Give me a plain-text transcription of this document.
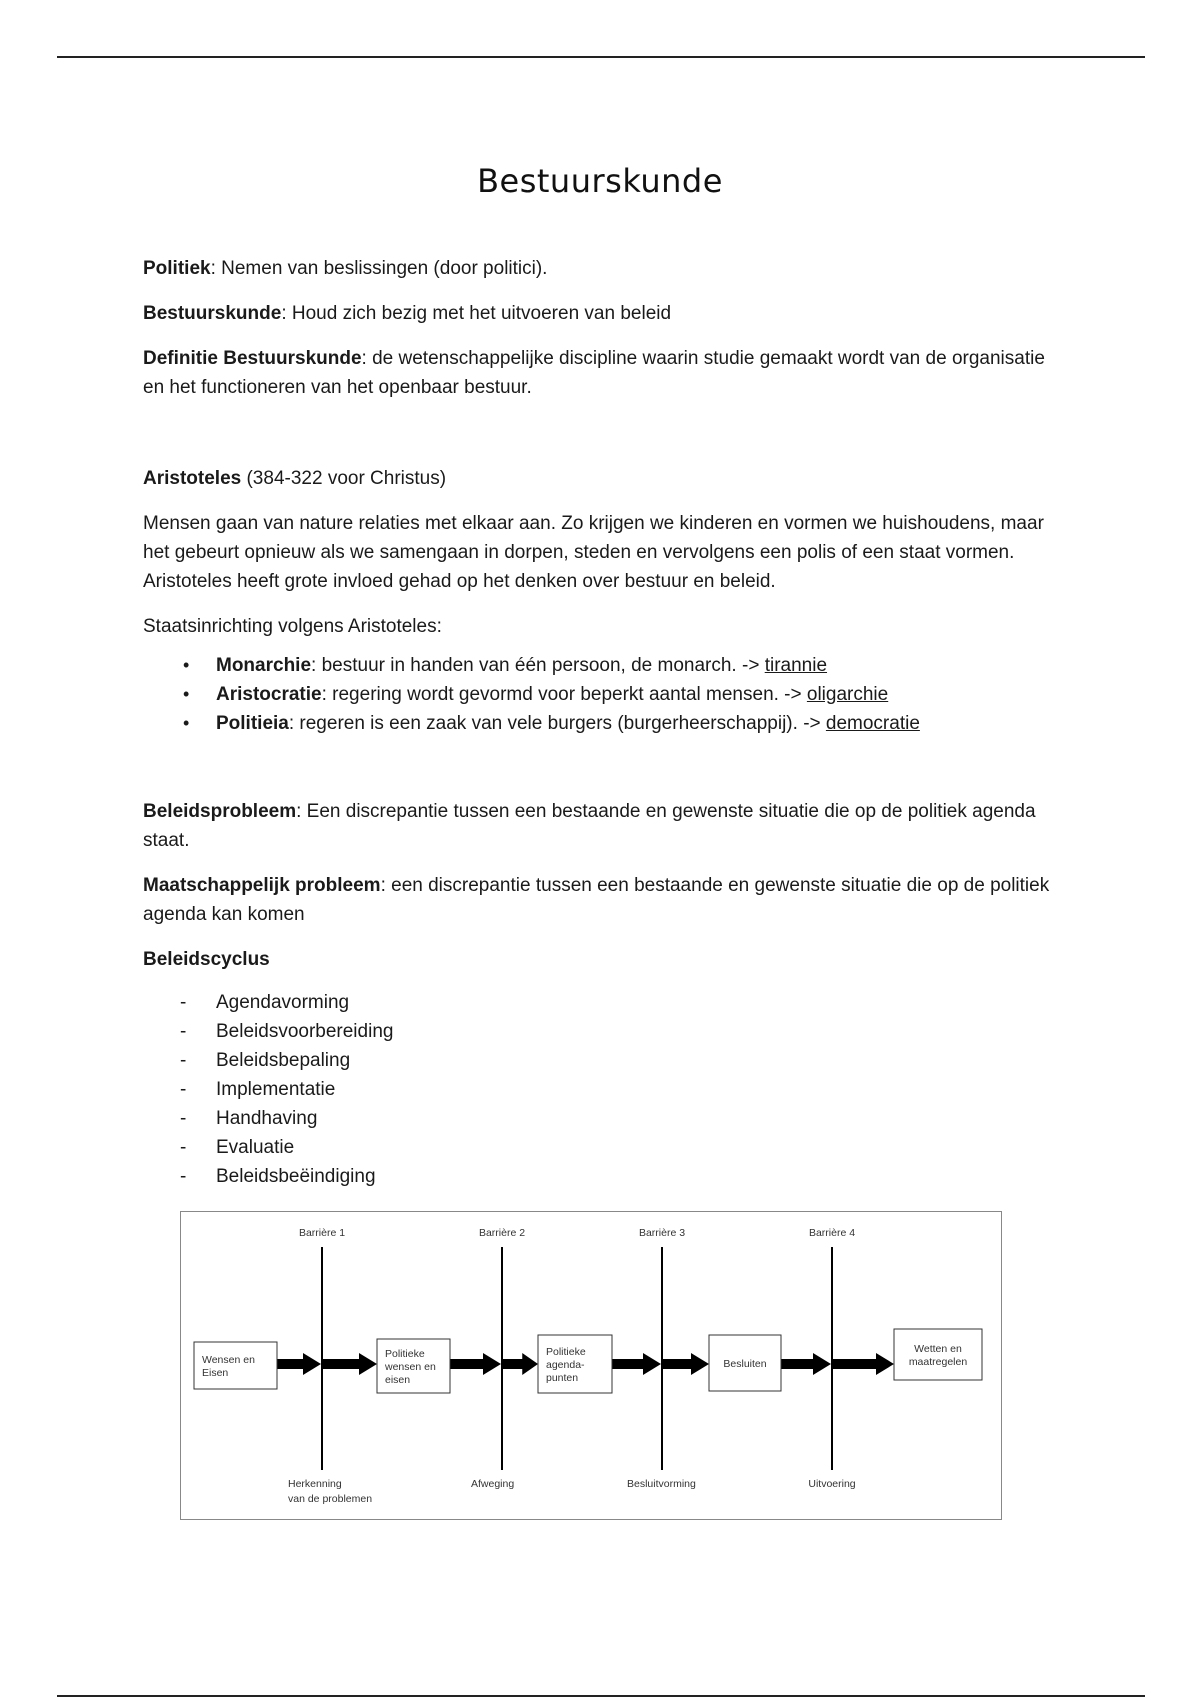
Bestuurskunde

Politiek: Nemen van beslissingen (door politici).

Bestuurskunde: Houd zich bezig met het uitvoeren van beleid

Definitie Bestuurskunde: de wetenschappelijke discipline waarin studie gemaakt wordt van de organisatie en het functioneren van het openbaar bestuur.

Aristoteles (384-322 voor Christus)

Mensen gaan van nature relaties met elkaar aan. Zo krijgen we kinderen en vormen we huishoudens, maar het gebeurt opnieuw als we samengaan in dorpen, steden en vervolgens een polis of een staat vormen. Aristoteles heeft grote invloed gehad op het denken over bestuur en beleid.

Staatsinrichting volgens Aristoteles:

• Monarchie: bestuur in handen van één persoon, de monarch. -> tirannie
• Aristocratie: regering wordt gevormd voor beperkt aantal mensen. -> oligarchie
• Politieia: regeren is een zaak van vele burgers (burgerheerschappij). -> democratie

Beleidsprobleem: Een discrepantie tussen een bestaande en gewenste situatie die op de politiek agenda staat.

Maatschappelijk probleem: een discrepantie tussen een bestaande en gewenste situatie die op de politiek agenda kan komen

Beleidscyclus

- Agendavorming
- Beleidsvoorbereiding
- Beleidsbepaling
- Implementatie
- Handhaving
- Evaluatie
- Beleidsbeëindiging
Wensen en
Eisen
Politieke
wensen en
eisen
Politieke
agenda-
punten
Besluiten
Wetten en
maatregelen
Barrière 1	Barrière 2	Barrière 3	Barrière 4
Herkenning
van de problemen
Afweging	Besluitvorming	Uitvoering
